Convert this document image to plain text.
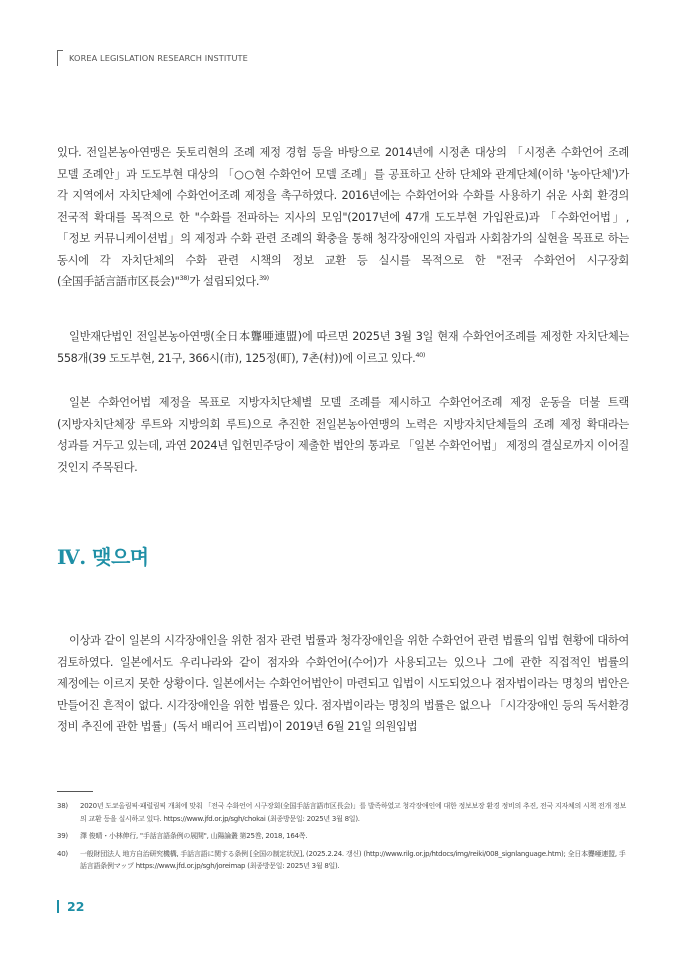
KOREA LEGISLATION RESEARCH INSTITUTE

있다. 전일본농아연맹은 돗토리현의 조례 제정 경험 등을 바탕으로 2014년에 시정촌 대상의 「시정촌 수화언어 조례 모델 조례안」과 도도부현 대상의 「○○현 수화언어 모델 조례」를 공표하고 산하 단체와 관계단체(이하 '농아단체')가 각 지역에서 자치단체에 수화언어조례 제정을 촉구하였다. 2016년에는 수화언어와 수화를 사용하기 쉬운 사회 환경의 전국적 확대를 목적으로 한 "수화를 전파하는 지사의 모임"(2017년에 47개 도도부현 가입완료)과 「수화언어법」, 「정보 커뮤니케이션법」의 제정과 수화 관련 조례의 확충을 통해 청각장애인의 자립과 사회참가의 실현을 목표로 하는 동시에 각 자치단체의 수화 관련 시책의 정보 교환 등 실시를 목적으로 한 "전국 수화언어 시구장회(全国手話言語市区長会)"$^{38)}$가 설립되었다.$^{39)}$

일반재단법인 전일본농아연맹(全日本聾唖連盟)에 따르면 2025년 3월 3일 현재 수화언어조례를 제정한 자치단체는 558개(39 도도부현, 21구, 366시(市), 125정(町), 7촌(村))에 이르고 있다.$^{40)}$

일본 수화언어법 제정을 목표로 지방자치단체별 모델 조례를 제시하고 수화언어조례 제정 운동을 더불 트랙(지방자치단체장 루트와 지방의회 루트)으로 추진한 전일본농아연맹의 노력은 지방자치단체들의 조례 제정 확대라는 성과를 거두고 있는데, 과연 2024년 입헌민주당이 제출한 법안의 통과로 「일본 수화언어법」 제정의 결실로까지 이어질 것인지 주목된다.

Ⅳ. 맺으며

이상과 같이 일본의 시각장애인을 위한 점자 관련 법률과 청각장애인을 위한 수화언어 관련 법률의 입법 현황에 대하여 검토하였다. 일본에서도 우리나라와 같이 점자와 수화언어(수어)가 사용되고는 있으나 그에 관한 직접적인 법률의 제정에는 이르지 못한 상황이다. 일본에서는 수화언어법안이 마련되고 입법이 시도되었으나 점자법이라는 명칭의 법안은 만들어진 흔적이 없다. 시각장애인을 위한 법률은 있다. 점자법이라는 명칭의 법률은 없으나 「시각장애인 등의 독서환경 정비 추진에 관한 법률」(독서 배리어 프리법)이 2019년 6월 21일 의원입법

38)	2020년 도쿄올림픽·패럴림픽 개최에 맞춰 「전국 수화언어 시구장회(全国手話言語市区長会)」를 발족하였고 청각장애인에 대한 정보보장 환경 정비의 추진, 전국 지자체의 시책 전개 정보의 교환 등을 실시하고 있다. https://www.jfd.or.jp/sgh/chokai (최종방문일: 2025년 3월 8일).
39)	澤 俊晴・小林伸行, "手話言語条例の展開", 山陽論叢 第25巻, 2018, 164쪽.
40)	一般財団法人 地方自治研究機構, 手話言語に関する条例 [全国の制定状況], (2025.2.24. 갱신) (http://www.rilg.or.jp/htdocs/img/reiki/008_signlanguage.htm); 全日本聾唖連盟, 手話言語条例マップ https://www.jfd.or.jp/sgh/joreimap (최종방문일: 2025년 3월 8일).
22
